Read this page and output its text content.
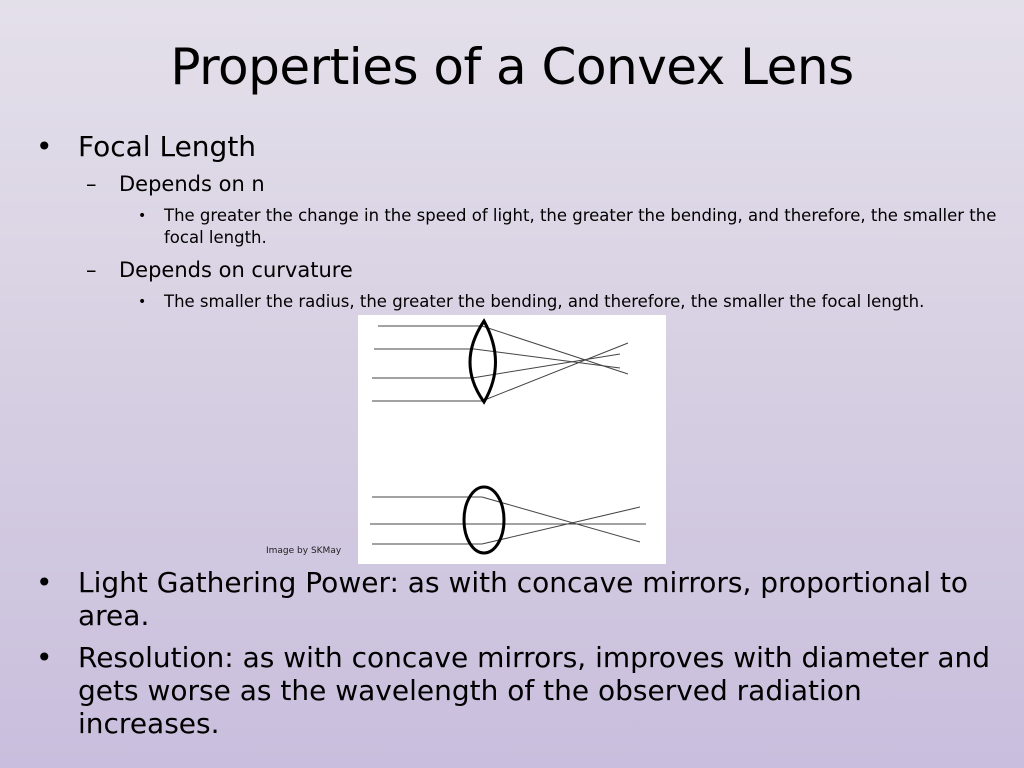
Properties of a Convex Lens
• Focal Length
–	Depends on n
•	The greater the change in the speed of light, the greater the bending, and therefore, the smaller the focal length.
–	Depends on curvature
•	The smaller the radius, the greater the bending, and therefore, the smaller the focal length.
Image by SKMay
• Light Gathering Power: as with concave mirrors, proportional to area.
• Resolution: as with concave mirrors, improves with diameter and gets worse as the wavelength of the observed radiation increases.
